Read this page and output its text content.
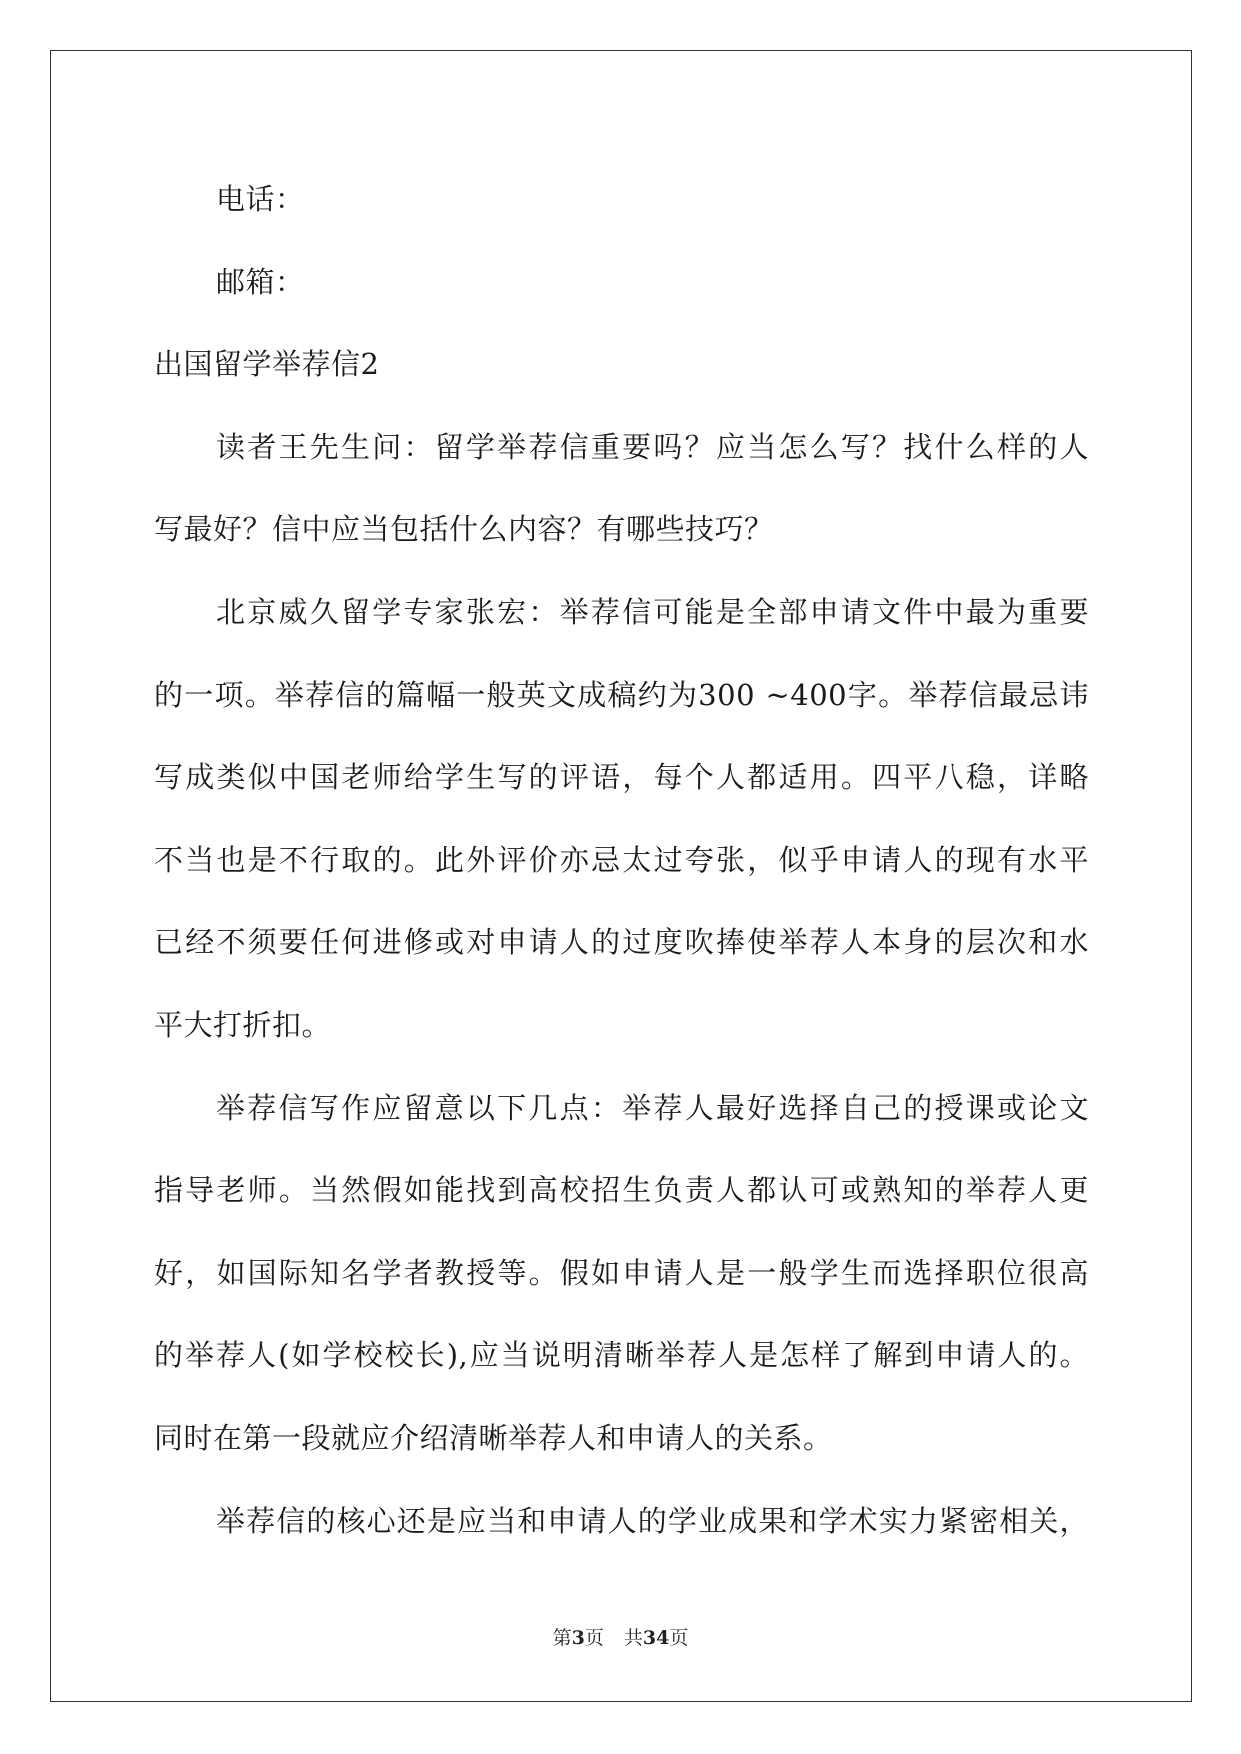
电话：
邮箱：
出国留学举荐信2
读者王先生问：留学举荐信重要吗？应当怎么写？找什么样的人
写最好？信中应当包括什么内容？有哪些技巧？
北京威久留学专家张宏：举荐信可能是全部申请文件中最为重要
的一项。举荐信的篇幅一般英文成稿约为300 ~400字。举荐信最忌讳
写成类似中国老师给学生写的评语，每个人都适用。四平八稳，详略
不当也是不行取的。此外评价亦忌太过夸张，似乎申请人的现有水平
已经不须要任何进修或对申请人的过度吹捧使举荐人本身的层次和水
平大打折扣。
举荐信写作应留意以下几点：举荐人最好选择自己的授课或论文
指导老师。当然假如能找到高校招生负责人都认可或熟知的举荐人更
好，如国际知名学者教授等。假如申请人是一般学生而选择职位很高
的举荐人(如学校校长),应当说明清晰举荐人是怎样了解到申请人的。
同时在第一段就应介绍清晰举荐人和申请人的关系。
举荐信的核心还是应当和申请人的学业成果和学术实力紧密相关，
第3页 共34页
